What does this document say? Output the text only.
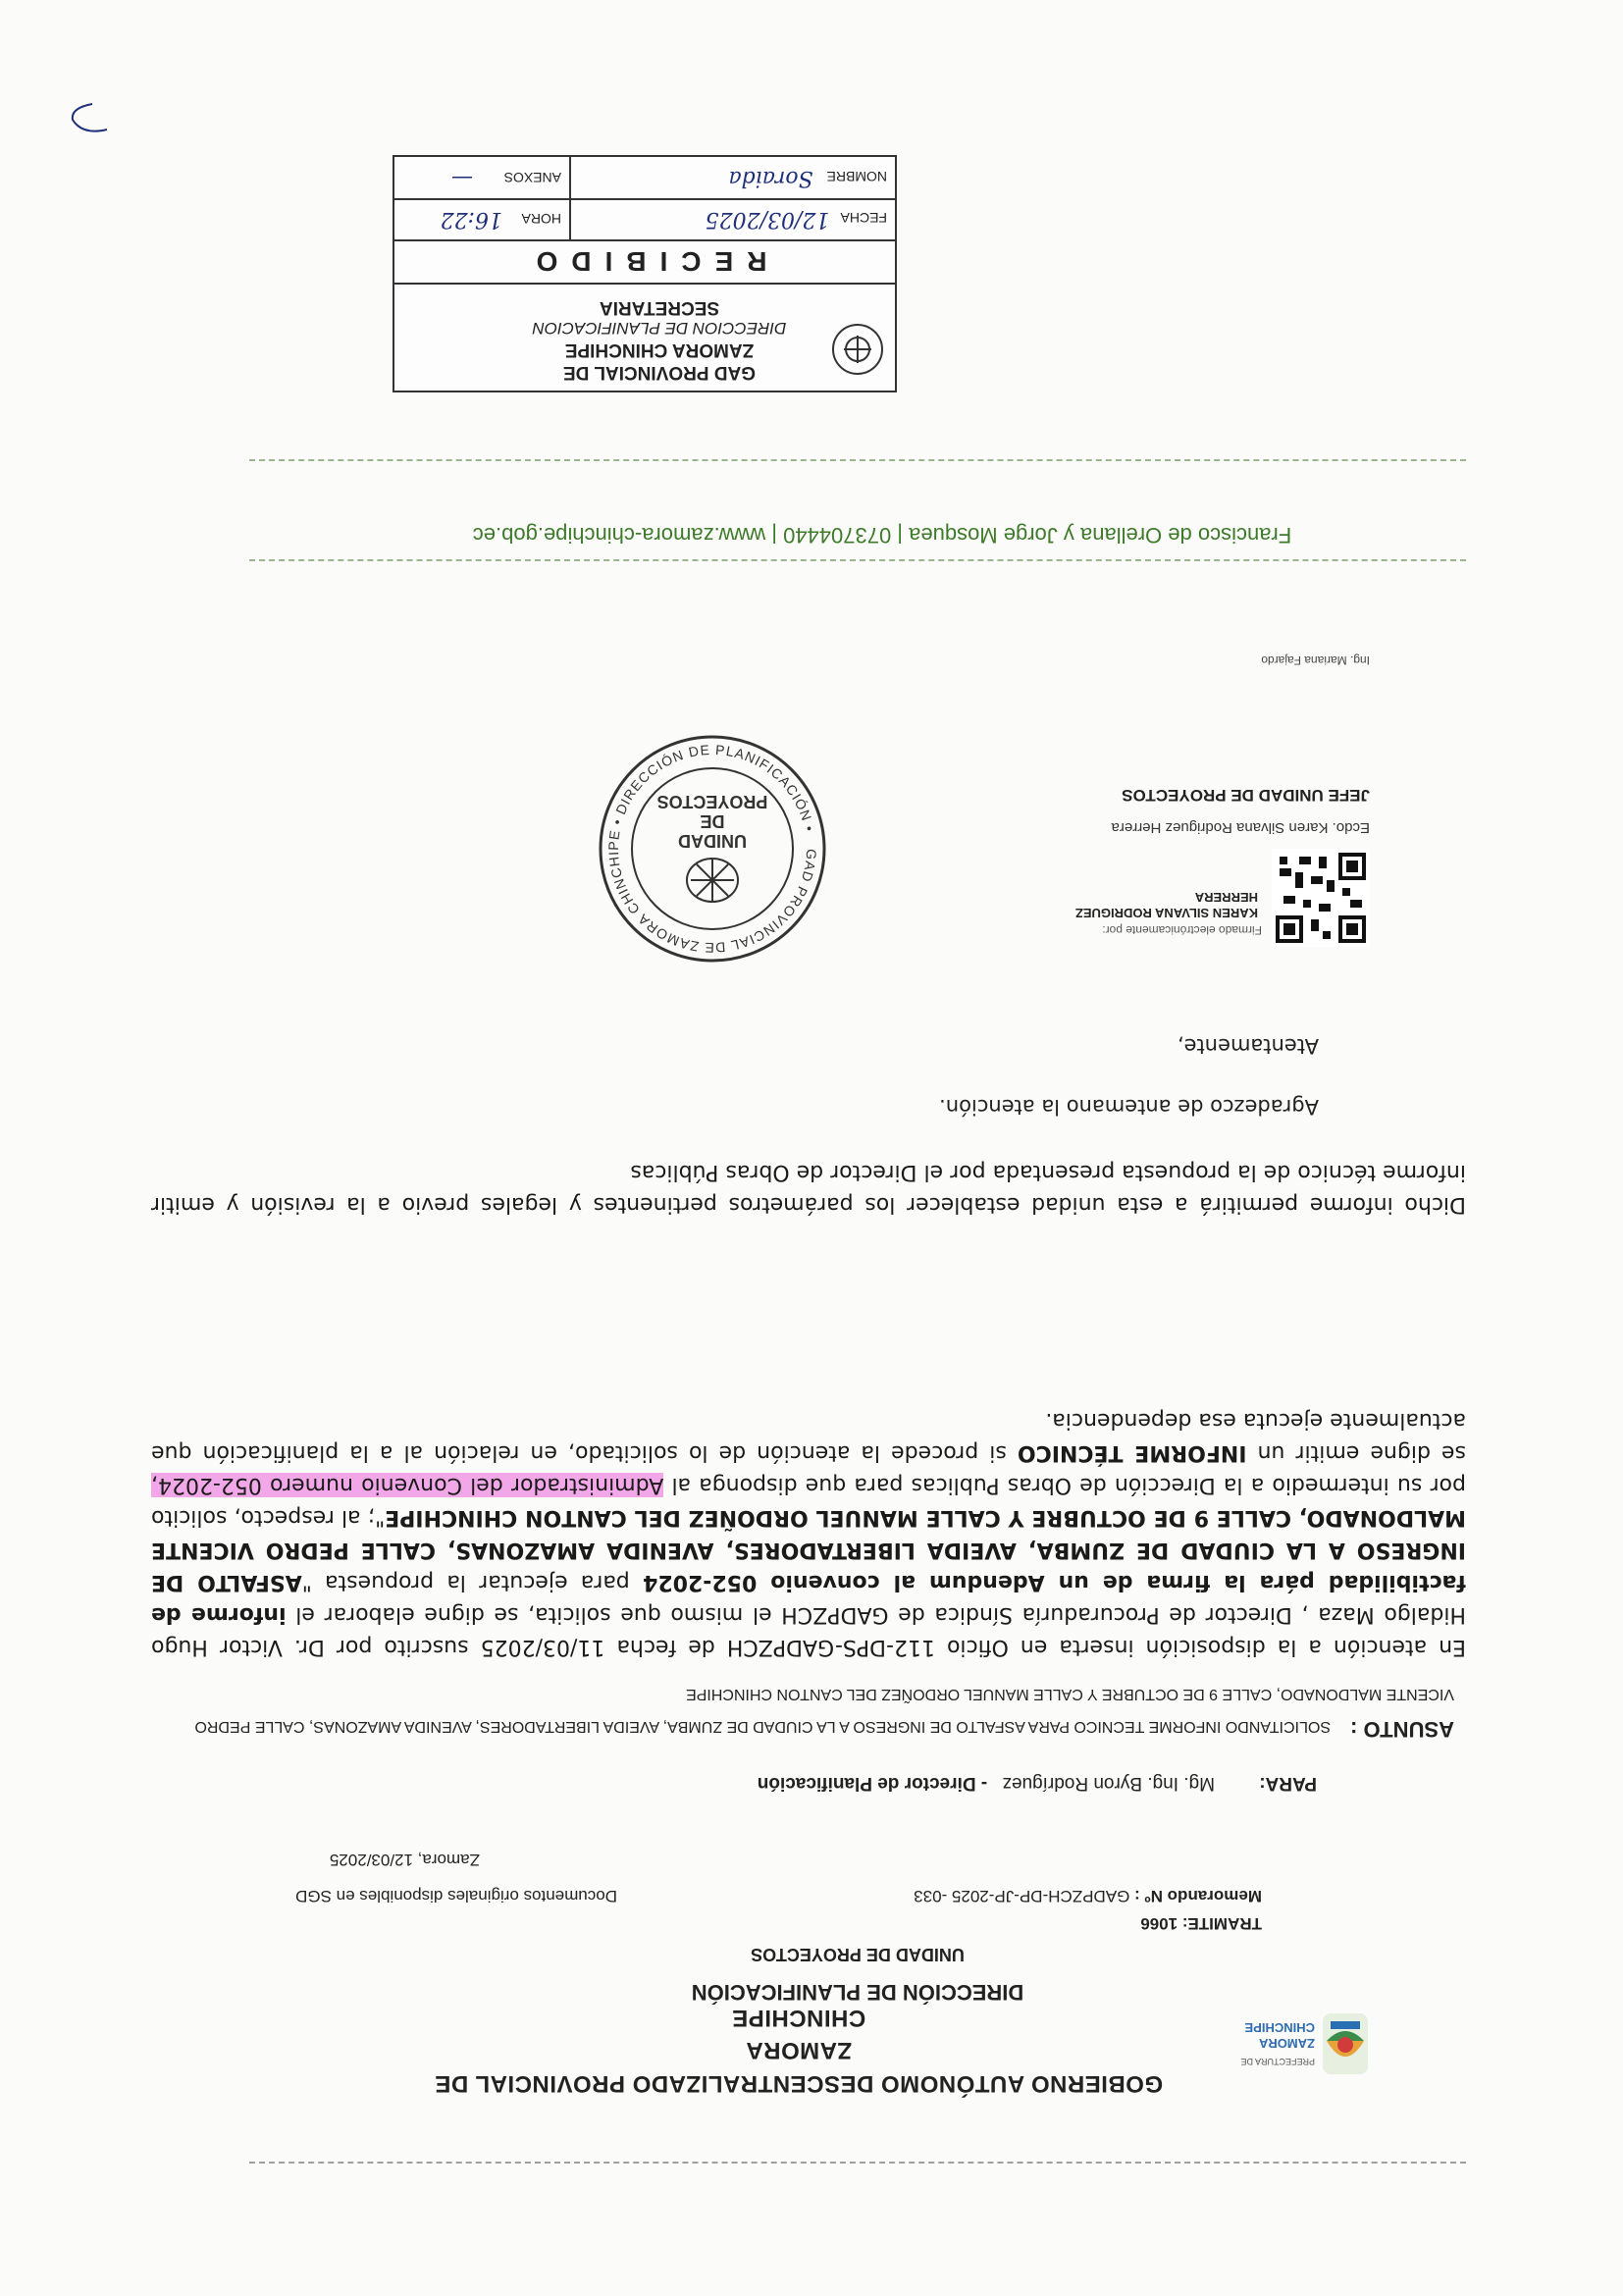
PREFECTURA DE
ZAMORA CHINCHIPE
GOBIERNO AUTÓNOMO DESCENTRALIZADO PROVINCIAL DE ZAMORA
CHINCHIPE
DIRECCIÓN DE PLANIFICACIÓN
UNIDAD DE PROYECTOS
TRAMITE: 1066
Memorando Nº : GADPZCH-DP-JP-2025 -033
Documentos originales disponibles en SGD
Zamora, 12/03/2025
PARA: Mg. Ing. Byron Rodríguez - Director de Planificación
ASUNTO :SOLICITANDO INFORME TECNICO PARA ASFALTO DE INGRESO A LA CIUDAD DE ZUMBA, AVEIDA LIBERTADORES, AVENIDA AMAZONAS, CALLE PEDRO VICENTE MALDONADO, CALLE 9 DE OCTUBRE Y CALLE MANUEL ORDOÑEZ DEL CANTON CHINCHIPE
En atención a la disposición inserta en Oficio 112-DPS-GADPZCH de fecha 11/03/2025 suscrito por Dr. Victor Hugo Hidalgo Maza , Director de Procuraduría Síndica de GADPZCH el mismo que solicita, se digne elaborar el informe de factibilidad pára la firma de un Adendum al convenio 052-2024 para ejecutar la propuesta "ASFALTO DE INGRESO A LA CIUDAD DE ZUMBA, AVEIDA LIBERTADORES, AVENIDA AMAZONAS, CALLE PEDRO VICENTE MALDONADO, CALLE 9 DE OCTUBRE Y CALLE MANUEL ORDOÑEZ DEL CANTON CHINCHIPE"; al respecto, solicito por su intermedio a la Dirección de Obras Publicas para que disponga al Administrador del Convenio numero 052-2024, se digne emitir un INFORME TÉCNICO si procede la atención de lo solicitado, en relación al a la planificación que actualmente ejecuta esa dependencia.
Dicho informe permitirá a esta unidad establecer los parámetros pertinentes y legales previo a la revisión y emitir informe técnico de la propuesta presentada por el Director de Obras Públicas
Agradezco de antemano la atención.
Atentamente,
Firmado electrónicamente por:
KAREN SILVANA RODRIGUEZ HERRERA
Ecdo. Karen Silvana Rodriguez Herrera
JEFE UNIDAD DE PROYECTOS
GAD PROVINCIAL DE ZAMORA CHINCHIPE • DIRECCIÓN DE PLANIFICACIÓN •
UNIDAD
DE
PROYECTOS
Ing. Mariana Fajardo
Francisco de Orellana y Jorge Mosquea | 0737044​40 | www.zamora-chinchipe.gob.ec
GAD PROVINCIAL DE
ZAMORA CHINCHIPE
DIRECCION DE PLANIFICACION
SECRETARIA
RECIBIDO
FECHA 12/03/2025
HORA
16:22
NOMBRE Soraida
ANEXOS
—
